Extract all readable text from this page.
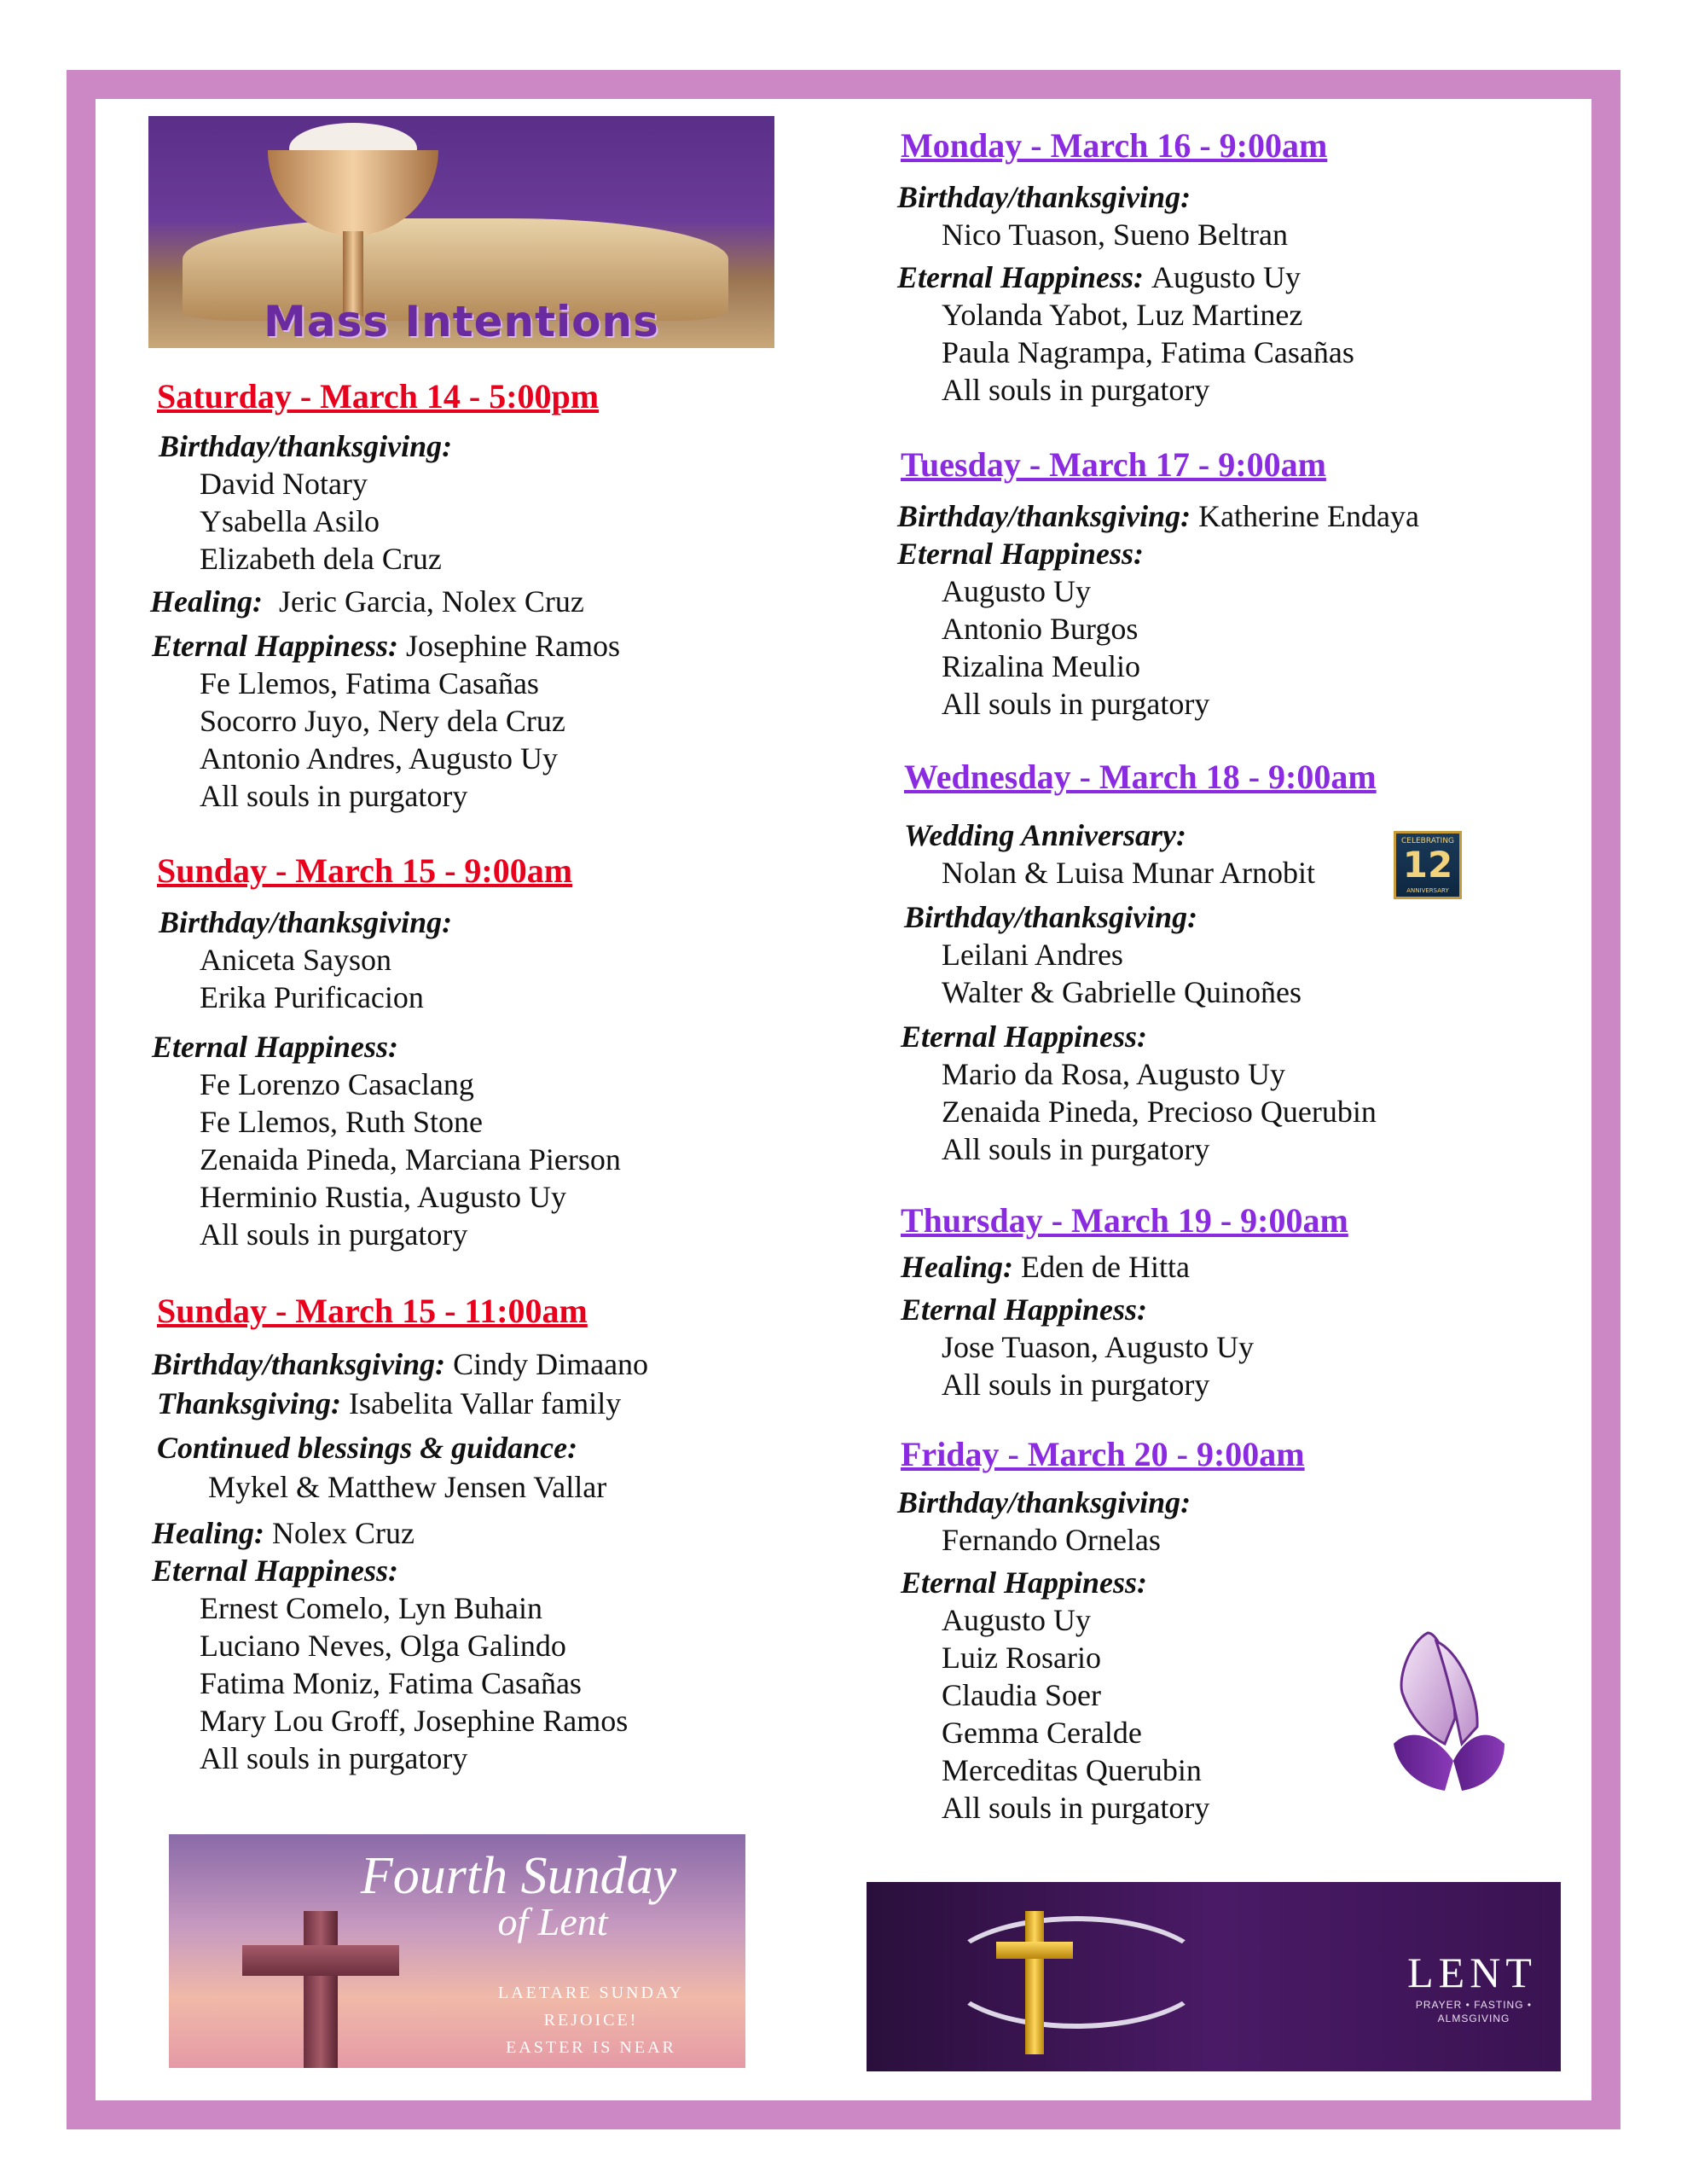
Mass Intentions
Saturday - March 14 - 5:00pm
Birthday/thanksgiving:
David Notary
Ysabella Asilo
Elizabeth dela Cruz
Healing: Jeric Garcia, Nolex Cruz
Eternal Happiness: Josephine Ramos
Fe Llemos, Fatima Casañas
Socorro Juyo, Nery dela Cruz
Antonio Andres, Augusto Uy
All souls in purgatory
Sunday - March 15 - 9:00am
Birthday/thanksgiving:
Aniceta Sayson
Erika Purificacion
Eternal Happiness:
Fe Lorenzo Casaclang
Fe Llemos, Ruth Stone
Zenaida Pineda, Marciana Pierson
Herminio Rustia, Augusto Uy
All souls in purgatory
Sunday - March 15 - 11:00am
Birthday/thanksgiving: Cindy Dimaano
Thanksgiving: Isabelita Vallar family
Continued blessings & guidance:
Mykel & Matthew Jensen Vallar
Healing: Nolex Cruz
Eternal Happiness:
Ernest Comelo, Lyn Buhain
Luciano Neves, Olga Galindo
Fatima Moniz, Fatima Casañas
Mary Lou Groff, Josephine Ramos
All souls in purgatory
Fourth Sunday
of Lent
LAETARE SUNDAY
REJOICE!
EASTER IS NEAR
Monday - March 16 - 9:00am
Birthday/thanksgiving:
Nico Tuason, Sueno Beltran
Eternal Happiness: Augusto Uy
Yolanda Yabot, Luz Martinez
Paula Nagrampa, Fatima Casañas
All souls in purgatory
Tuesday - March 17 - 9:00am
Birthday/thanksgiving: Katherine Endaya
Eternal Happiness:
Augusto Uy
Antonio Burgos
Rizalina Meulio
All souls in purgatory
Wednesday - March 18 - 9:00am
Wedding Anniversary:
Nolan & Luisa Munar Arnobit
CELEBRATING
12
ANNIVERSARY
Birthday/thanksgiving:
Leilani Andres
Walter & Gabrielle Quinoñes
Eternal Happiness:
Mario da Rosa, Augusto Uy
Zenaida Pineda, Precioso Querubin
All souls in purgatory
Thursday - March 19 - 9:00am
Healing: Eden de Hitta
Eternal Happiness:
Jose Tuason, Augusto Uy
All souls in purgatory
Friday - March 20 - 9:00am
Birthday/thanksgiving:
Fernando Ornelas
Eternal Happiness:
Augusto Uy
Luiz Rosario
Claudia Soer
Gemma Ceralde
Merceditas Querubin
All souls in purgatory
LENT
PRAYER • FASTING • ALMSGIVING
